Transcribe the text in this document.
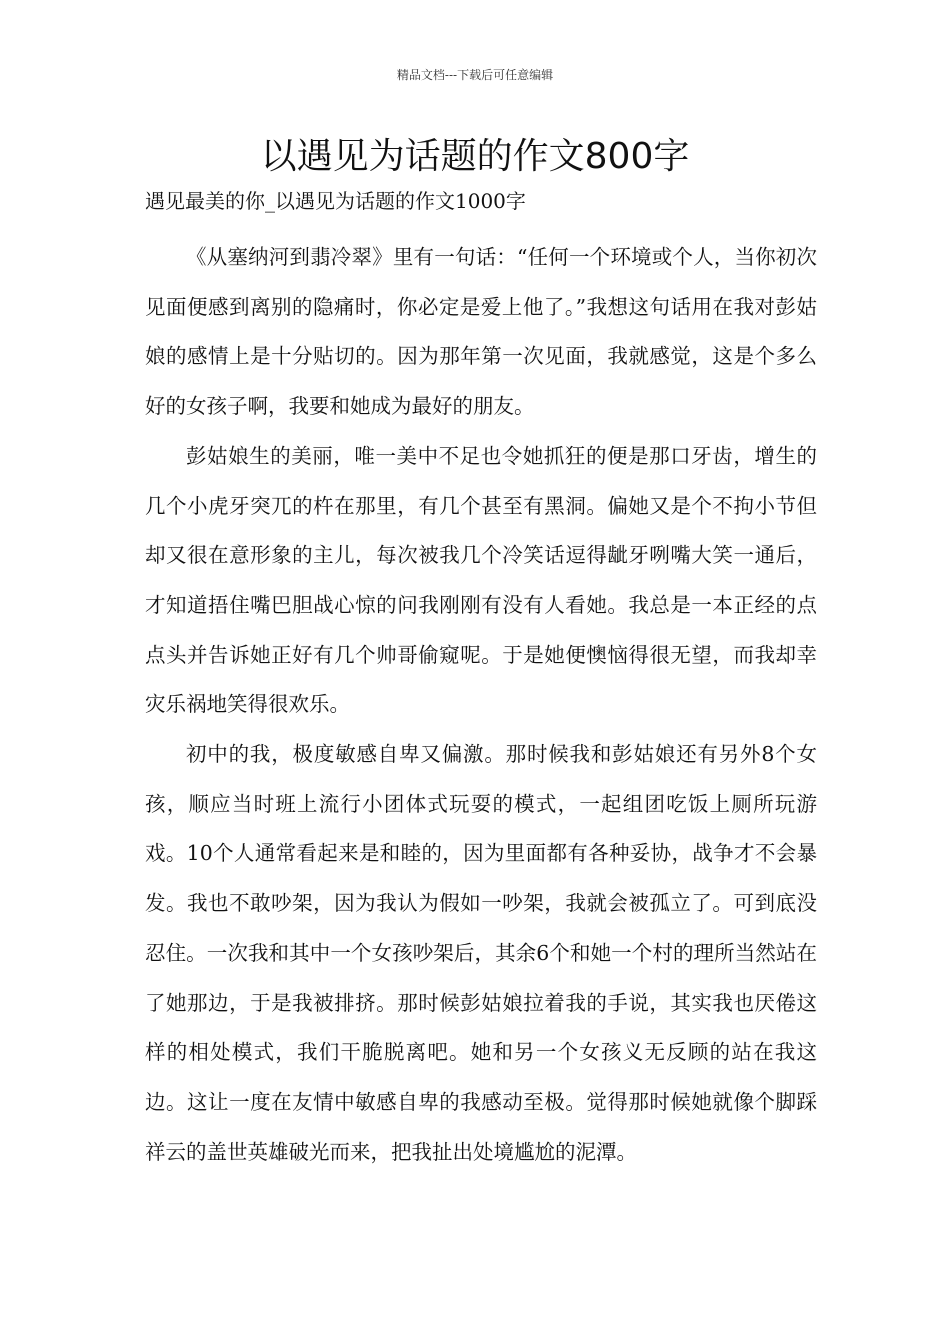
精品文档---下载后可任意编辑
以遇见为话题的作文800字

遇见最美的你_以遇见为话题的作文1000字

《从塞纳河到翡冷翠》里有一句话：“任何一个环境或个人，当你初次见面便感到离别的隐痛时，你必定是爱上他了。”我想这句话用在我对彭姑娘的感情上是十分贴切的。因为那年第一次见面，我就感觉，这是个多么好的女孩子啊，我要和她成为最好的朋友。

彭姑娘生的美丽，唯一美中不足也令她抓狂的便是那口牙齿，增生的几个小虎牙突兀的杵在那里，有几个甚至有黑洞。偏她又是个不拘小节但却又很在意形象的主儿，每次被我几个冷笑话逗得龇牙咧嘴大笑一通后，才知道捂住嘴巴胆战心惊的问我刚刚有没有人看她。我总是一本正经的点点头并告诉她正好有几个帅哥偷窥呢。于是她便懊恼得很无望，而我却幸灾乐祸地笑得很欢乐。

初中的我，极度敏感自卑又偏激。那时候我和彭姑娘还有另外8个女孩，顺应当时班上流行小团体式玩耍的模式，一起组团吃饭上厕所玩游戏。10个人通常看起来是和睦的，因为里面都有各种妥协，战争才不会暴发。我也不敢吵架，因为我认为假如一吵架，我就会被孤立了。可到底没忍住。一次我和其中一个女孩吵架后，其余6个和她一个村的理所当然站在了她那边，于是我被排挤。那时候彭姑娘拉着我的手说，其实我也厌倦这样的相处模式，我们干脆脱离吧。她和另一个女孩义无反顾的站在我这边。这让一度在友情中敏感自卑的我感动至极。觉得那时候她就像个脚踩祥云的盖世英雄破光而来，把我扯出处境尴尬的泥潭。
